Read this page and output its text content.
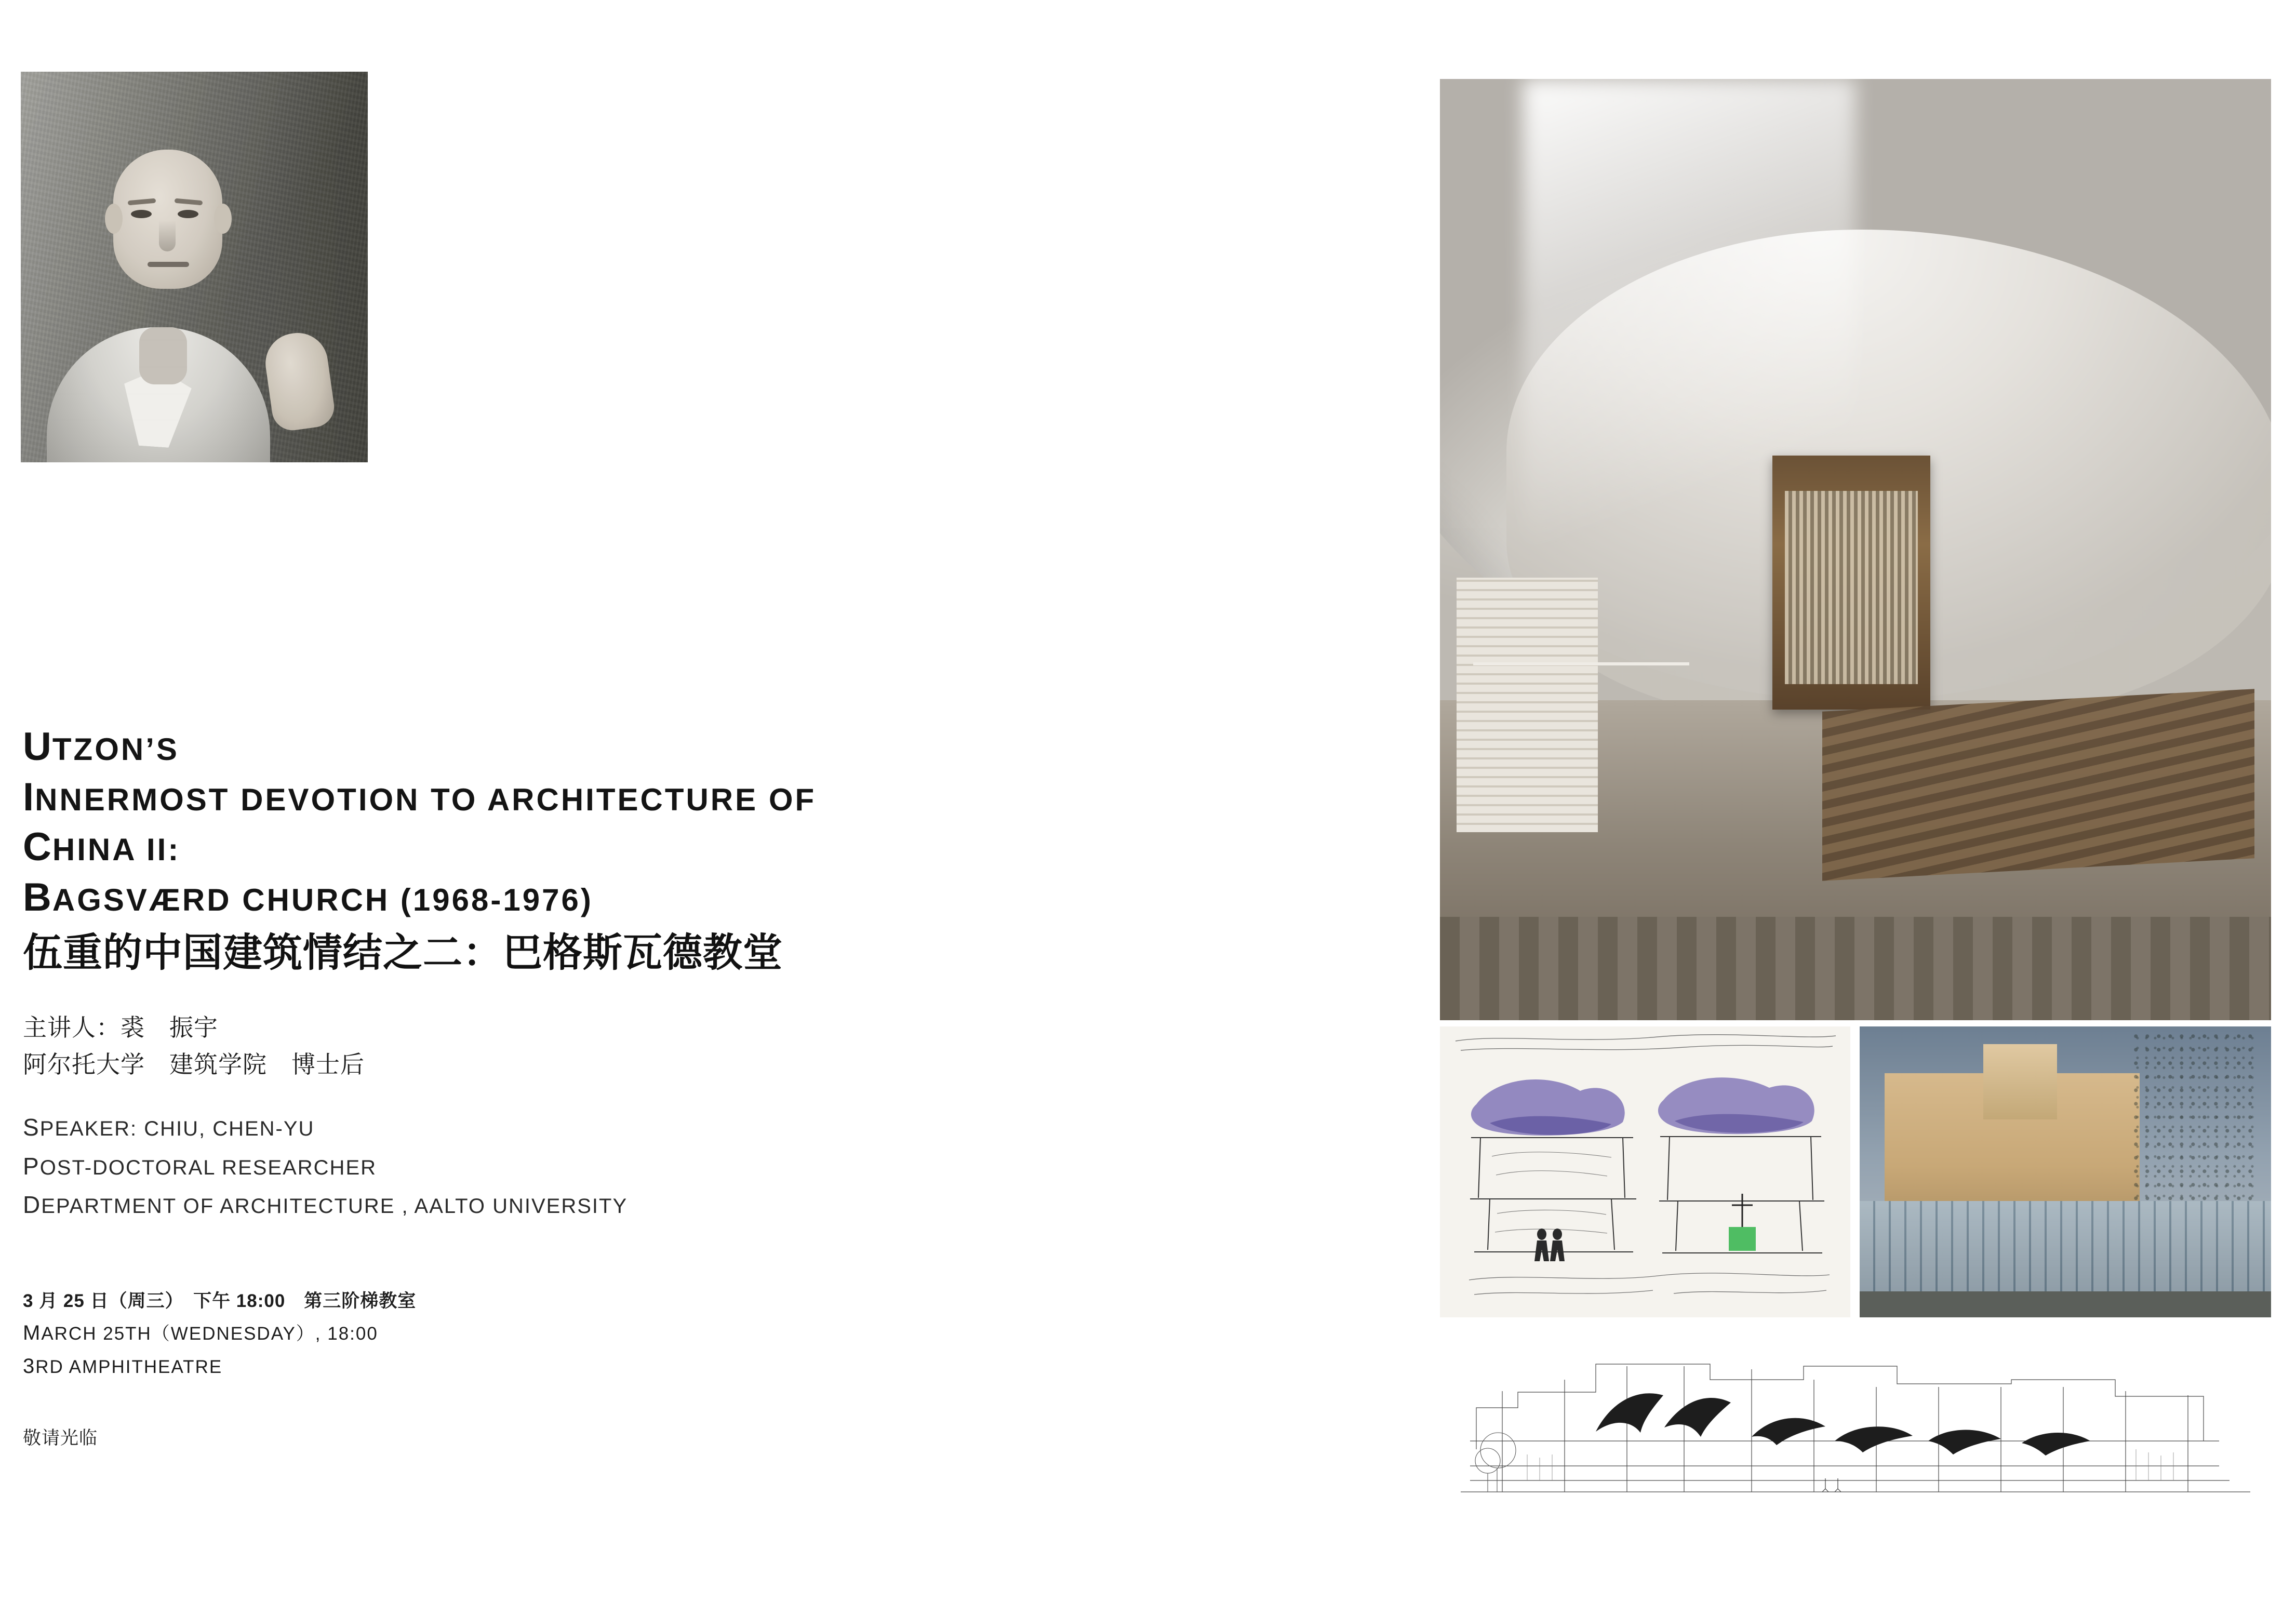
UTZON’S
INNERMOST DEVOTION TO ARCHITECTURE OF
CHINA II:
BAGSVÆRD CHURCH (1968-1976)
伍重的中国建筑情结之二：巴格斯瓦德教堂
主讲人：裘　振宇
阿尔托大学　建筑学院　博士后
SPEAKER: CHIU, CHEN-YU
POST-DOCTORAL RESEARCHER
DEPARTMENT OF ARCHITECTURE , AALTO UNIVERSITY
3 月 25 日（周三）　下午 18:00　第三阶梯教室
MARCH 25TH（WEDNESDAY）, 18:00
3RD AMPHITHEATRE
敬请光临
